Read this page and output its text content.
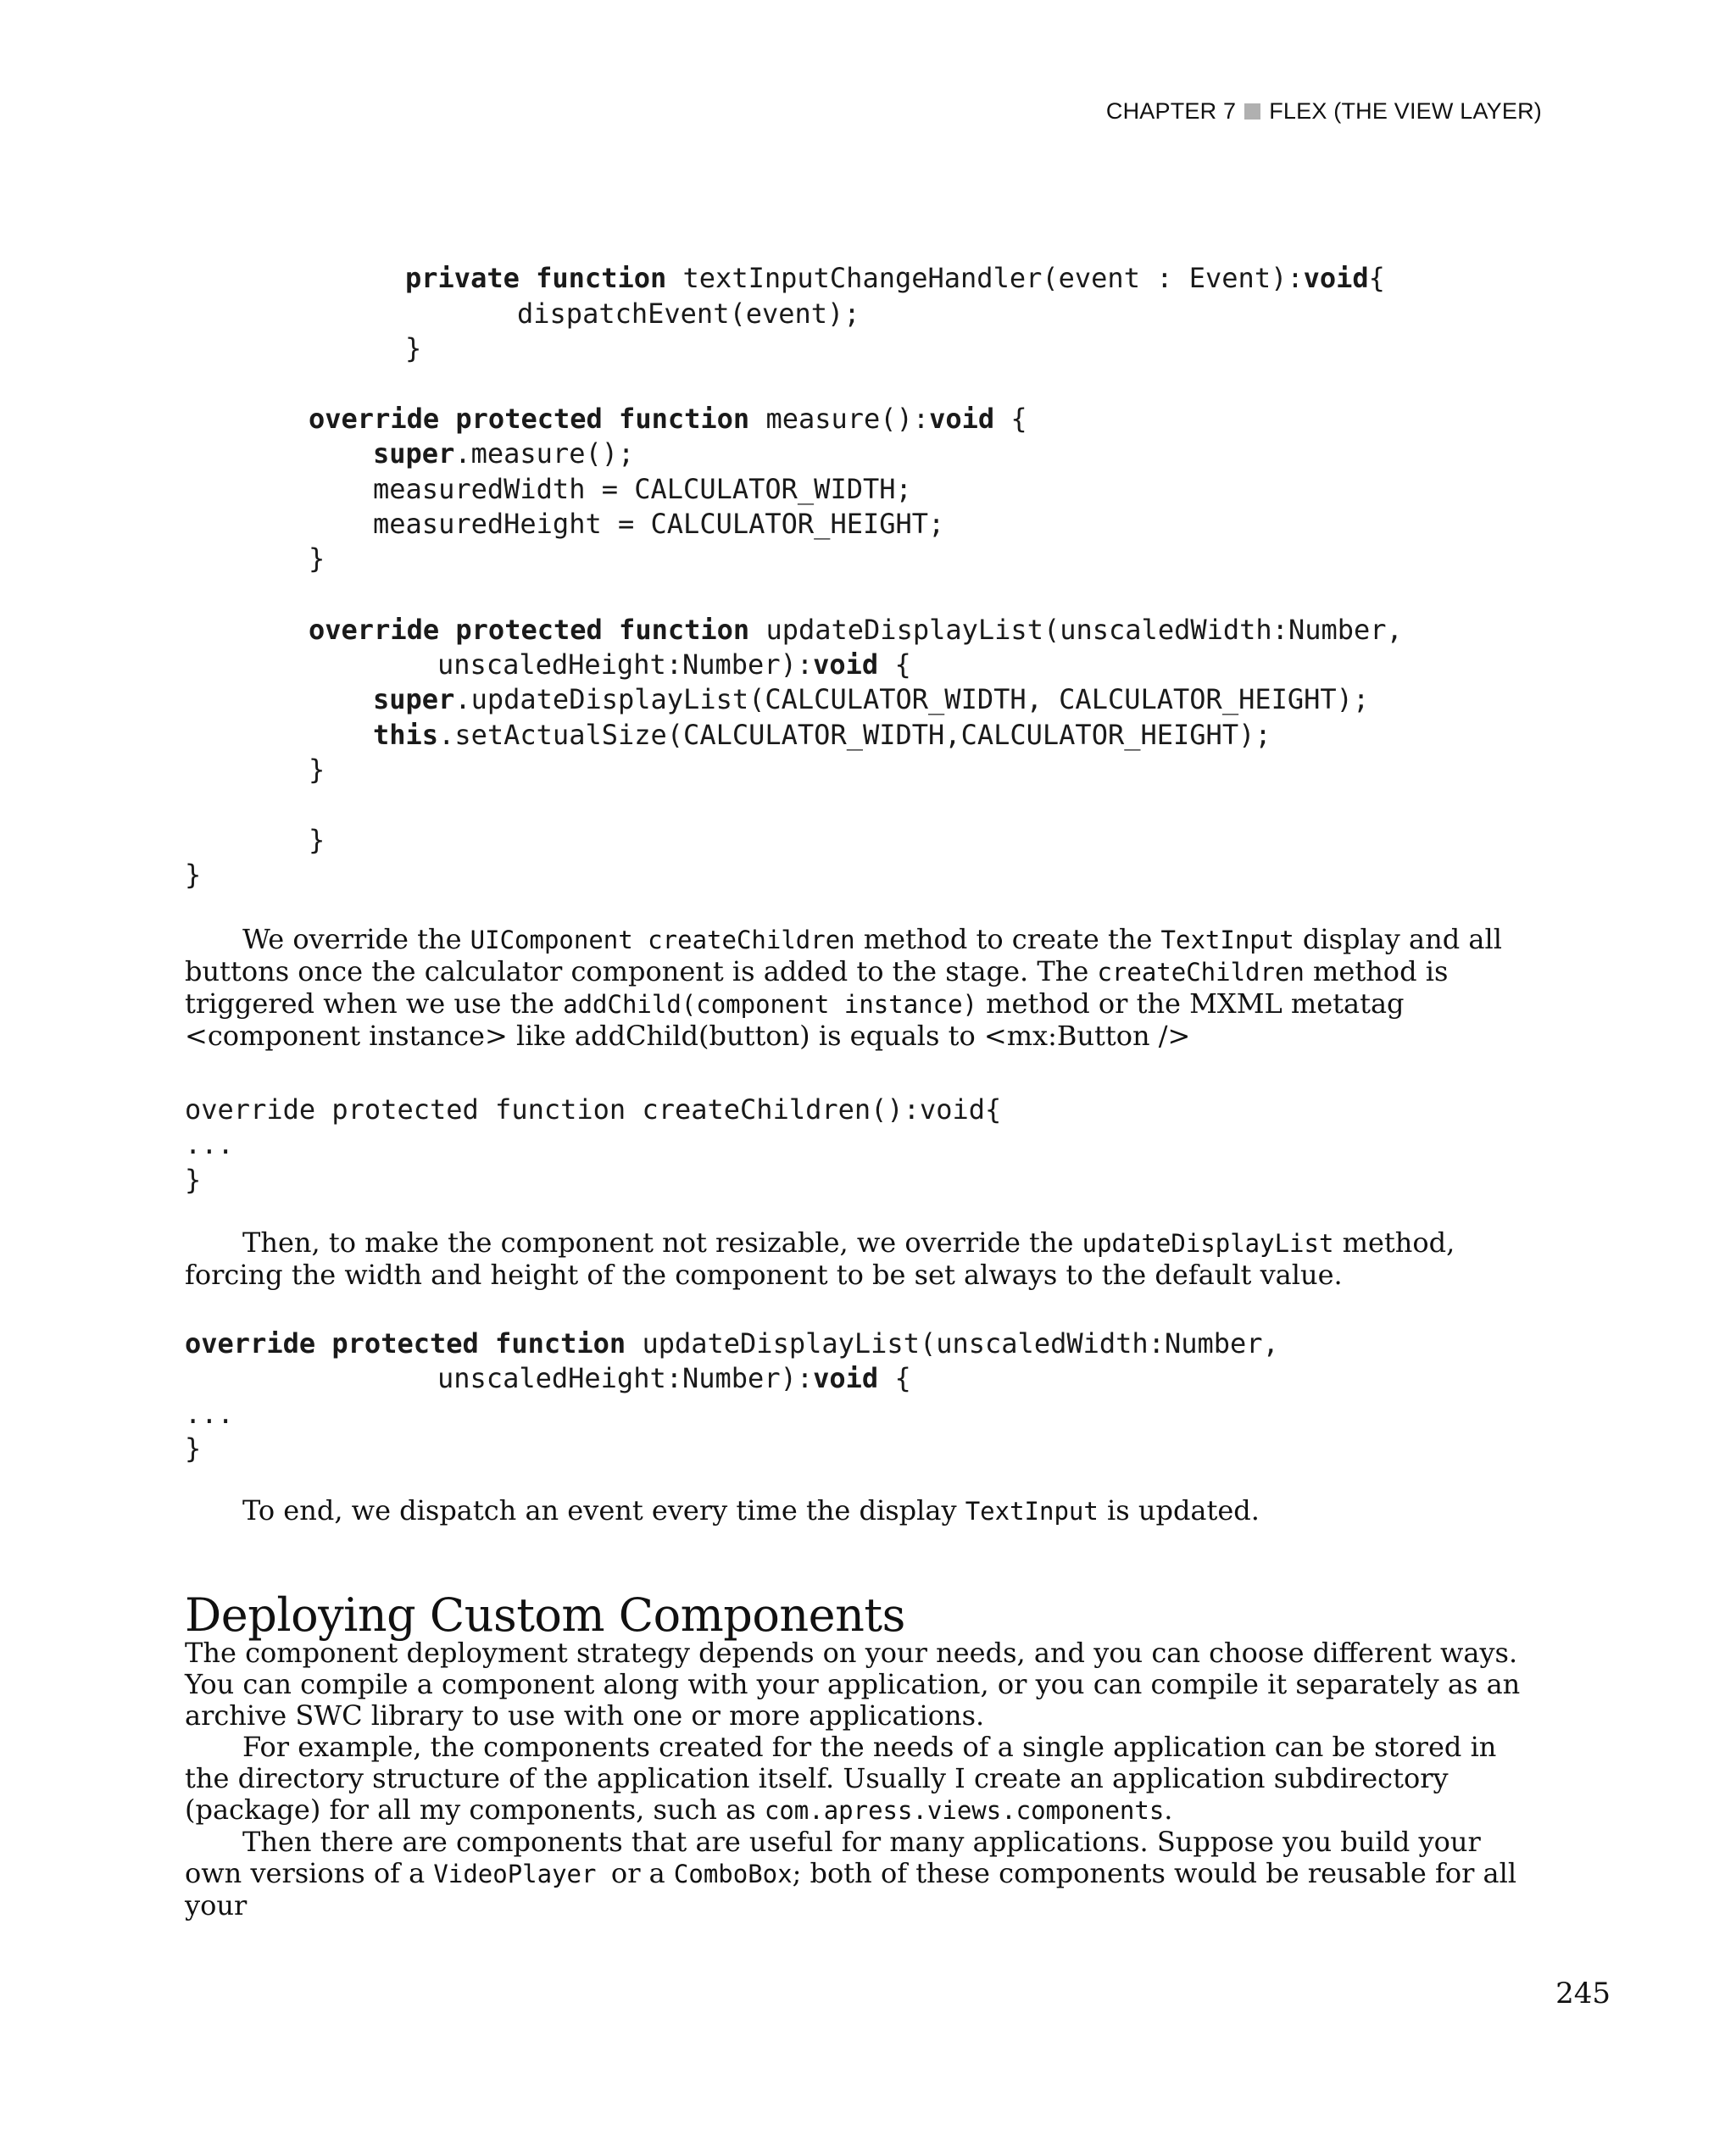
CHAPTER 7 FLEX (THE VIEW LAYER)
private function textInputChangeHandler(event : Event):void{
dispatchEvent(event);
}
override protected function measure():void {
super.measure();
measuredWidth = CALCULATOR_WIDTH;
measuredHeight = CALCULATOR_HEIGHT;
}
override protected function updateDisplayList(unscaledWidth:Number,
unscaledHeight:Number):void {
super.updateDisplayList(CALCULATOR_WIDTH, CALCULATOR_HEIGHT);
this.setActualSize(CALCULATOR_WIDTH,CALCULATOR_HEIGHT);
}
}
}

We override the UIComponent createChildren method to create the TextInput display and all buttons once the calculator component is added to the stage. The createChildren method is triggered when we use the addChild(component instance) method or the MXML metatag <component instance> like addChild(button) is equals to <mx:Button />

override protected function createChildren():void{
...
}

Then, to make the component not resizable, we override the updateDisplayList method, forcing the width and height of the component to be set always to the default value.

override protected function updateDisplayList(unscaledWidth:Number,
unscaledHeight:Number):void {
...
}

To end, we dispatch an event every time the display TextInput is updated.

Deploying Custom Components

The component deployment strategy depends on your needs, and you can choose different ways. You can compile a component along with your application, or you can compile it separately as an archive SWC library to use with one or more applications.

For example, the components created for the needs of a single application can be stored in the directory structure of the application itself. Usually I create an application subdirectory (package) for all my components, such as com.apress.views.components.

Then there are components that are useful for many applications. Suppose you build your own versions of a VideoPlayer or a ComboBox; both of these components would be reusable for all your

245
